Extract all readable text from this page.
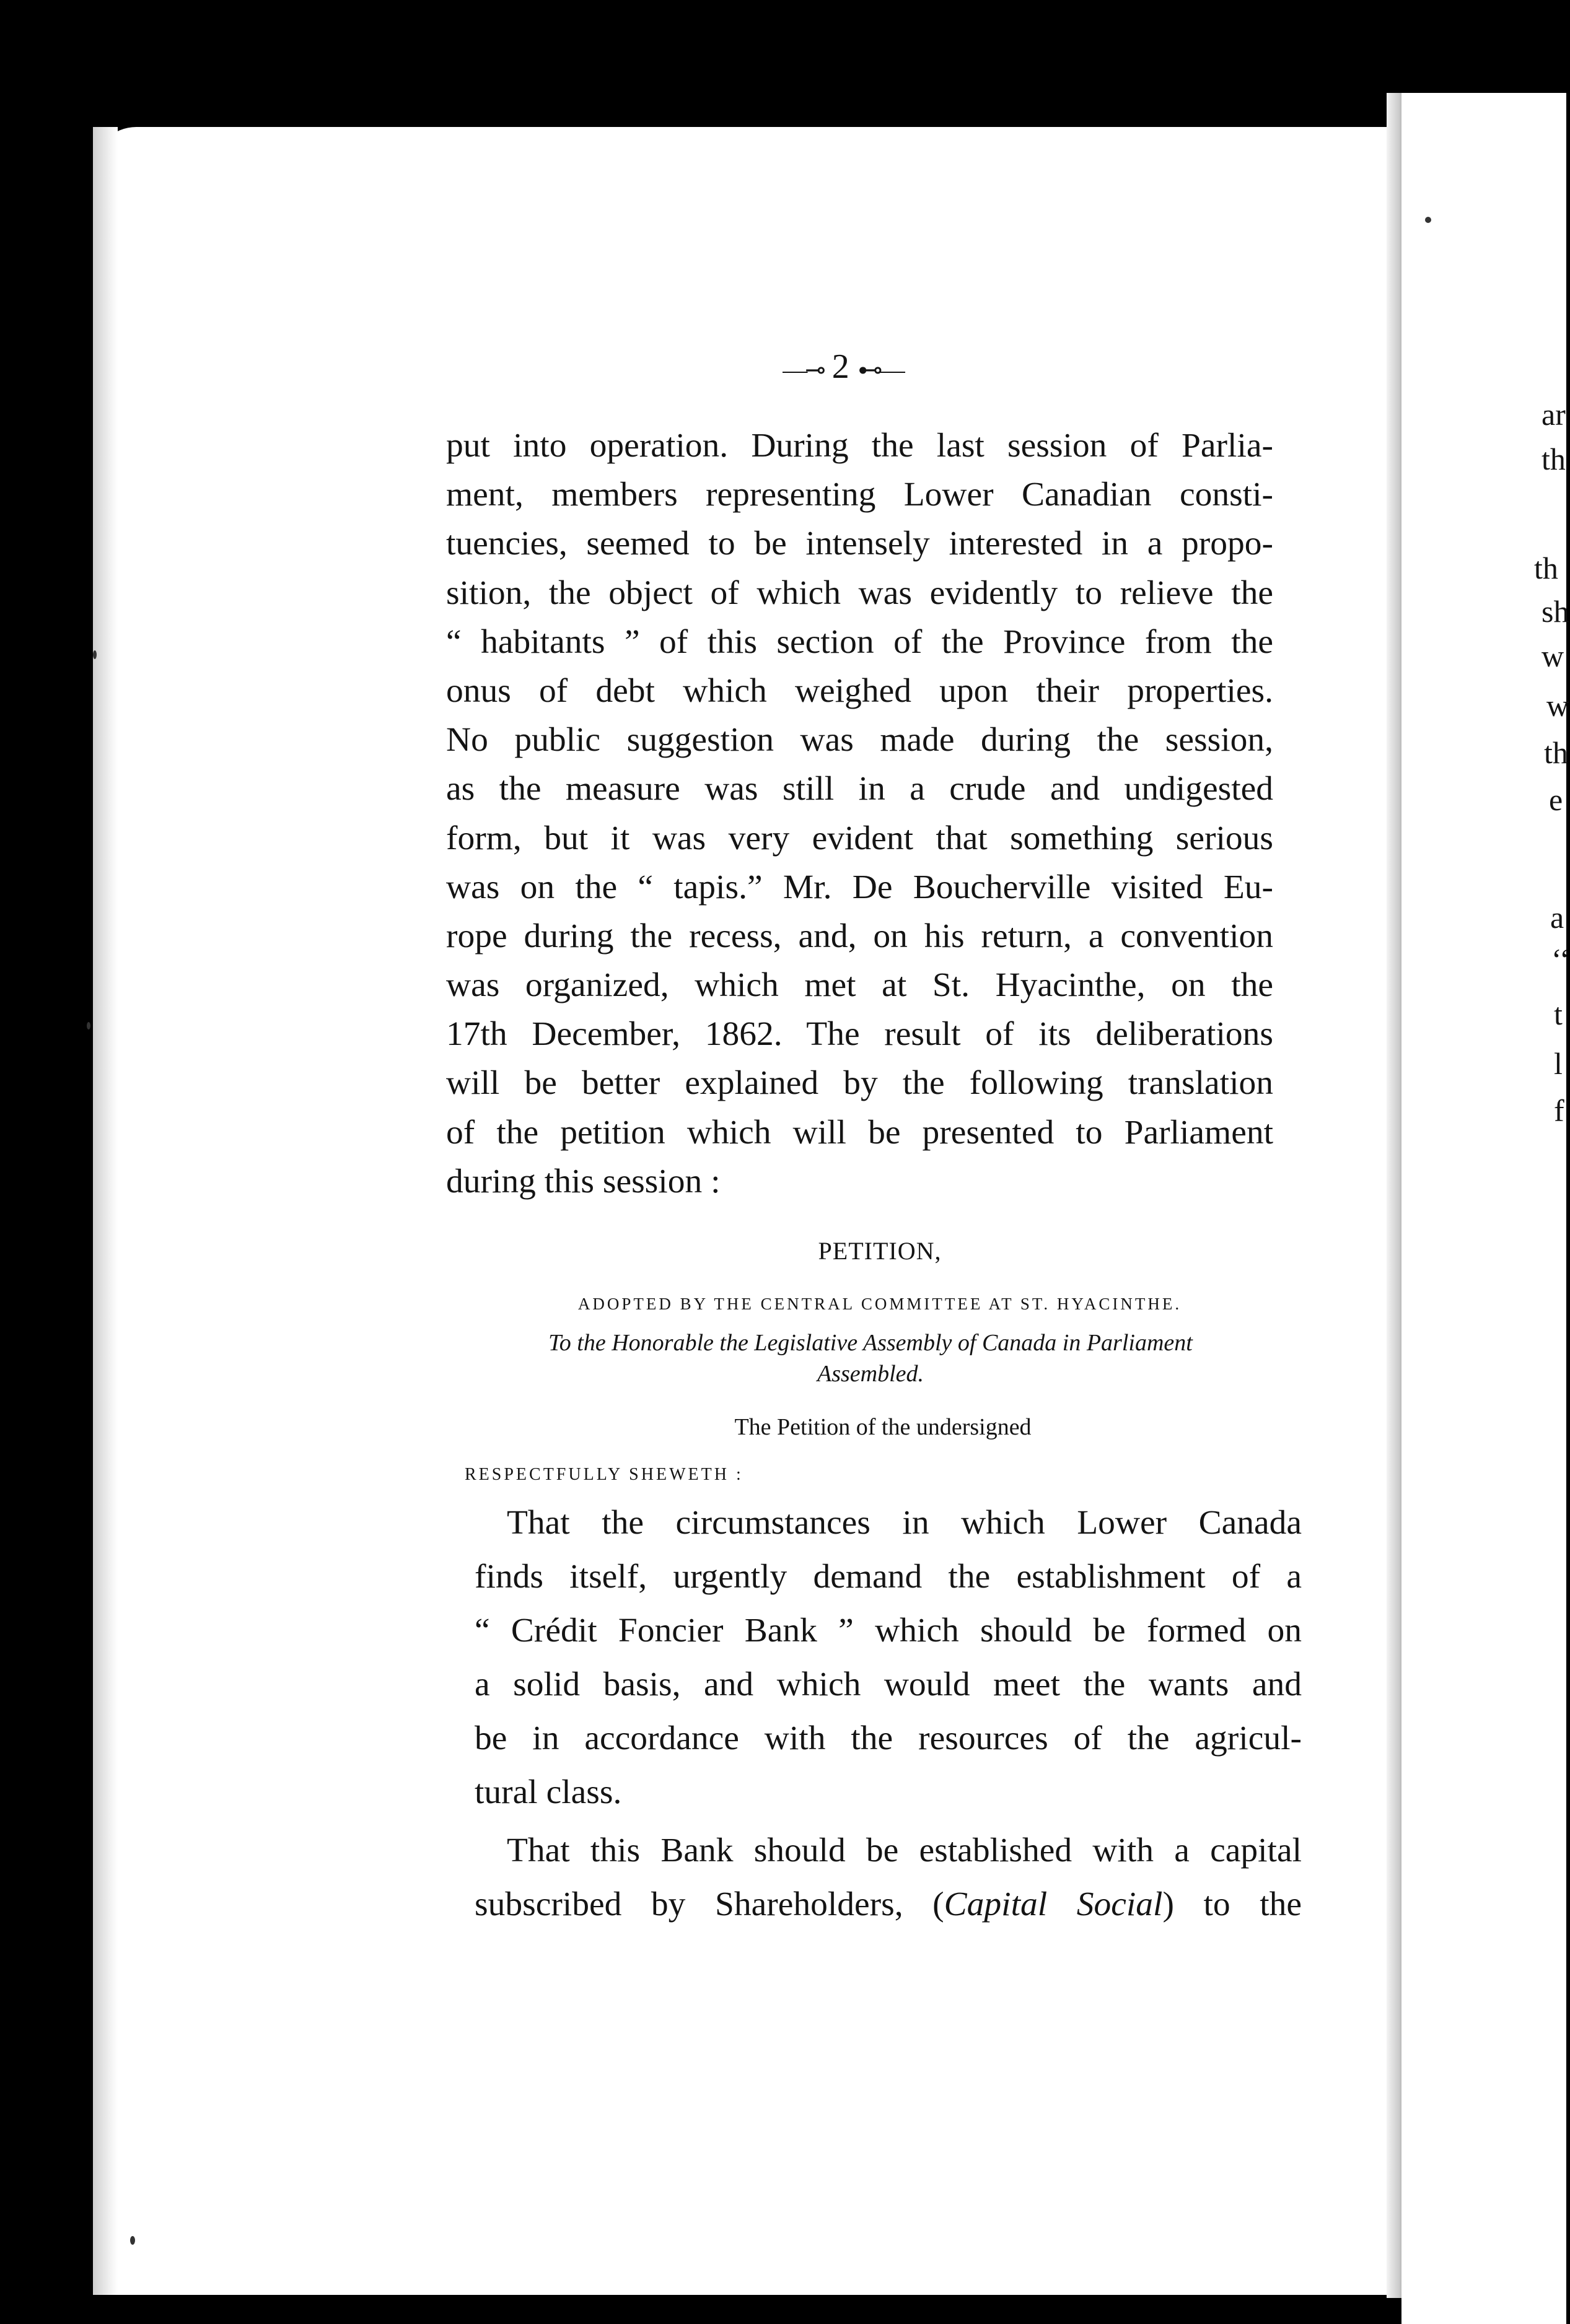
—⊸ 2 ⊷—
put into operation. During the last session of Parlia-
ment, members representing Lower Canadian consti-
tuencies, seemed to be intensely interested in a propo-
sition, the object of which was evidently to relieve the
“ habitants ” of this section of the Province from the
onus of debt which weighed upon their properties.
No public suggestion was made during the session,
as the measure was still in a crude and undigested
form, but it was very evident that something serious
was on the “ tapis.” Mr. De Boucherville visited Eu-
rope during the recess, and, on his return, a convention
was organized, which met at St. Hyacinthe, on the
17th December, 1862. The result of its deliberations
will be better explained by the following translation
of the petition which will be presented to Parliament
during this session :
PETITION,
ADOPTED BY THE CENTRAL COMMITTEE AT ST. HYACINTHE.
To the Honorable the Legislative Assembly of Canada in Parliament
Assembled.
The Petition of the undersigned
RESPECTFULLY SHEWETH :
That the circumstances in which Lower Canada
finds itself, urgently demand the establishment of a
“ Crédit Foncier Bank ” which should be formed on
a solid basis, and which would meet the wants and
be in accordance with the resources of the agricul-
tural class.
That this Bank should be established with a capital
subscribed by Shareholders, (Capital Social) to the
ar
th
th
sh
w
w
th
e
a
‘‘
t
l
f
